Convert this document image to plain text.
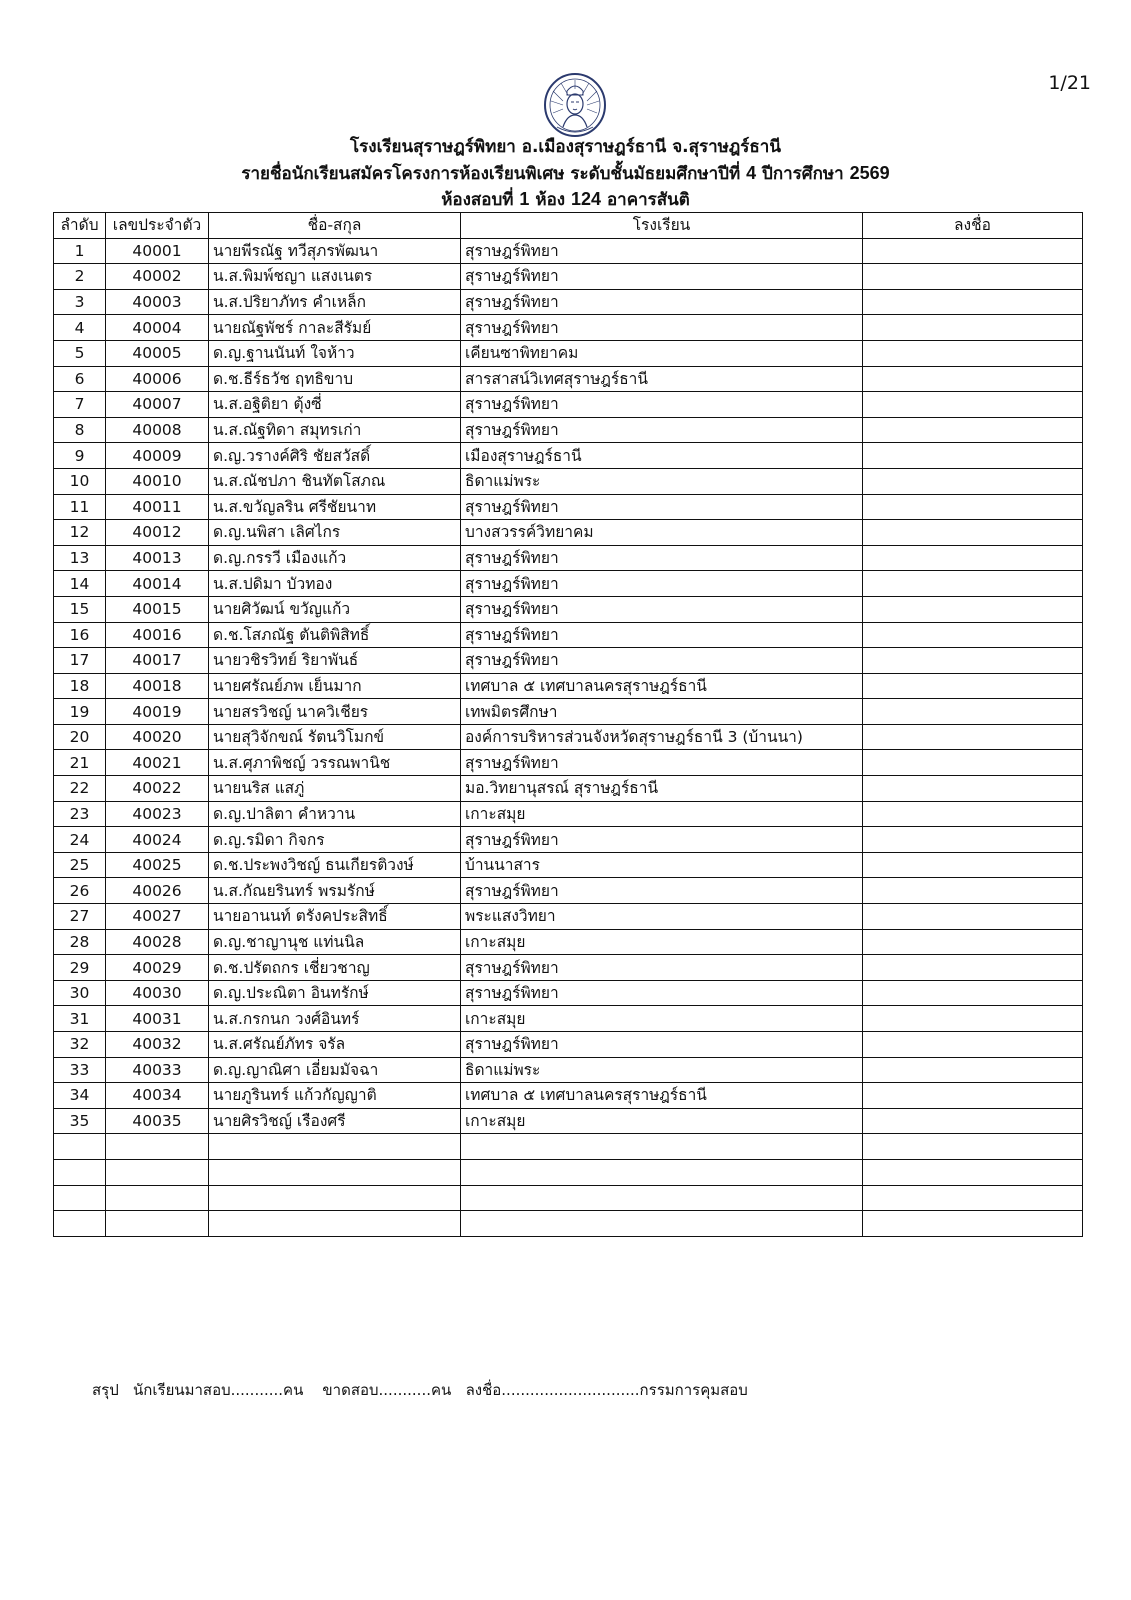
1/21
โรงเรียนสุราษฎร์พิทยา อ.เมืองสุราษฎร์ธานี จ.สุราษฎร์ธานี
รายชื่อนักเรียนสมัครโครงการห้องเรียนพิเศษ ระดับชั้นมัธยมศึกษาปีที่ 4 ปีการศึกษา 2569
ห้องสอบที่ 1 ห้อง 124 อาคารสันติ
ลำดับ	เลขประจำตัว	ชื่อ-สกุล	โรงเรียน	ลงชื่อ
1	40001	นายพีรณัฐ ทวีสุภรพัฒนา	สุราษฎร์พิทยา	
2	40002	น.ส.พิมพ์ชญา แสงเนตร	สุราษฎร์พิทยา	
3	40003	น.ส.ปริยาภัทร คำเหล็ก	สุราษฎร์พิทยา	
4	40004	นายณัฐพัชร์ กาละสีรัมย์	สุราษฎร์พิทยา	
5	40005	ด.ญ.ฐานนันท์ ใจห้าว	เคียนซาพิทยาคม	
6	40006	ด.ช.ธีร์ธวัช ฤทธิขาบ	สารสาสน์วิเทศสุราษฎร์ธานี	
7	40007	น.ส.อฐิติยา ตุ้งซี่	สุราษฎร์พิทยา	
8	40008	น.ส.ณัฐทิดา สมุทรเก่า	สุราษฎร์พิทยา	
9	40009	ด.ญ.วรางค์ศิริ ชัยสวัสดิ์	เมืองสุราษฎร์ธานี	
10	40010	น.ส.ณัชปภา ชินทัตโสภณ	ธิดาแม่พระ	
11	40011	น.ส.ขวัญลริน ศรีชัยนาท	สุราษฎร์พิทยา	
12	40012	ด.ญ.นพิสา เลิศไกร	บางสวรรค์วิทยาคม	
13	40013	ด.ญ.กรรวี เมืองแก้ว	สุราษฎร์พิทยา	
14	40014	น.ส.ปดิมา บัวทอง	สุราษฎร์พิทยา	
15	40015	นายศิวัฒน์ ขวัญแก้ว	สุราษฎร์พิทยา	
16	40016	ด.ช.โสภณัฐ ตันติพิสิทธิ์	สุราษฎร์พิทยา	
17	40017	นายวชิรวิทย์ ริยาพันธ์	สุราษฎร์พิทยา	
18	40018	นายศรัณย์ภพ เย็นมาก	เทศบาล ๕ เทศบาลนครสุราษฎร์ธานี	
19	40019	นายสรวิชญ์ นาควิเชียร	เทพมิตรศึกษา	
20	40020	นายสุวิจักขณ์ รัตนวิโมกข์	องค์การบริหารส่วนจังหวัดสุราษฎร์ธานี 3 (บ้านนา)	
21	40021	น.ส.ศุภาพิชญ์ วรรณพานิช	สุราษฎร์พิทยา	
22	40022	นายนริส แสภู่	มอ.วิทยานุสรณ์ สุราษฎร์ธานี	
23	40023	ด.ญ.ปาลิตา คำหวาน	เกาะสมุย	
24	40024	ด.ญ.รมิดา กิจกร	สุราษฎร์พิทยา	
25	40025	ด.ช.ประพงวิชญ์ ธนเกียรติวงษ์	บ้านนาสาร	
26	40026	น.ส.กัณยรินทร์ พรมรักษ์	สุราษฎร์พิทยา	
27	40027	นายอานนท์ ตรังคประสิทธิ์	พระแสงวิทยา	
28	40028	ด.ญ.ชาญานุช แท่นนิล	เกาะสมุย	
29	40029	ด.ช.ปรัตถกร เชี่ยวชาญ	สุราษฎร์พิทยา	
30	40030	ด.ญ.ประณิตา อินทรักษ์	สุราษฎร์พิทยา	
31	40031	น.ส.กรกนก วงศ์อินทร์	เกาะสมุย	
32	40032	น.ส.ศรัณย์ภัทร จรัล	สุราษฎร์พิทยา	
33	40033	ด.ญ.ญาณิศา เอี่ยมมัจฉา	ธิดาแม่พระ	
34	40034	นายภูรินทร์ แก้วกัญญาติ	เทศบาล ๕ เทศบาลนครสุราษฎร์ธานี	
35	40035	นายศิรวิชญ์ เรืองศรี	เกาะสมุย	

สรุป นักเรียนมาสอบ...........คน ขาดสอบ...........คน ลงชื่อ.............................กรรมการคุมสอบ
